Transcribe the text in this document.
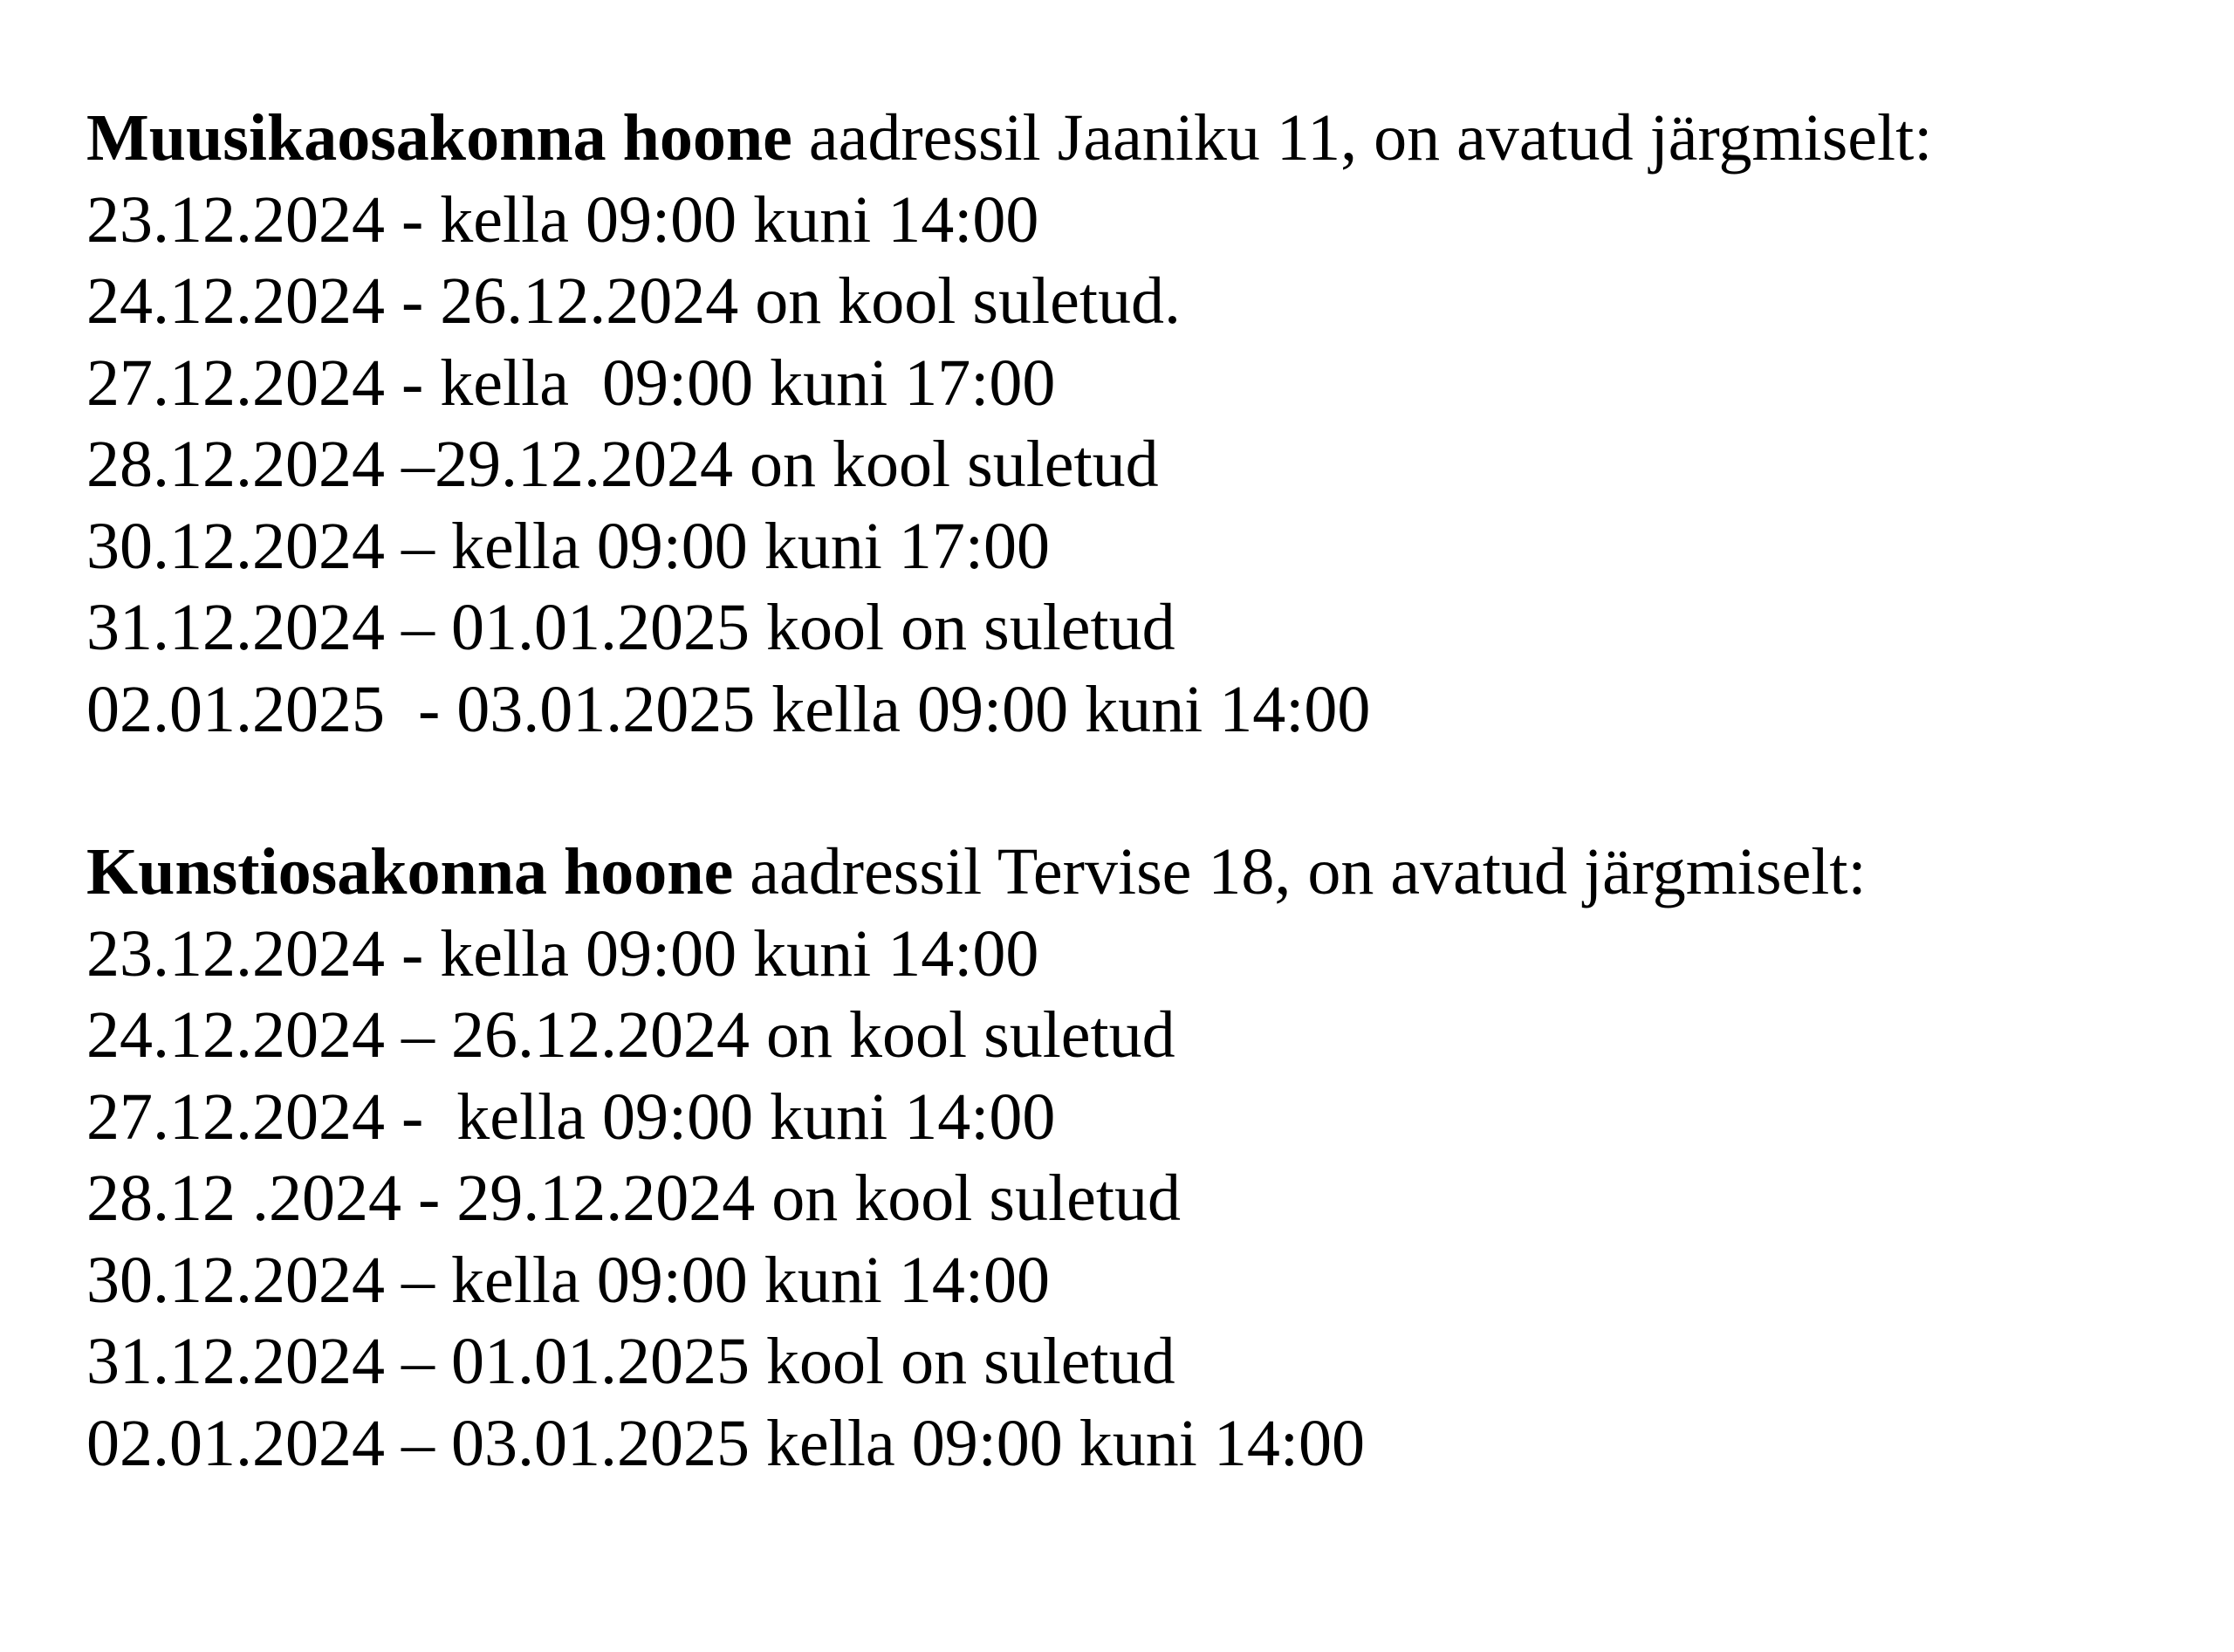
Muusikaosakonna hoone aadressil Jaaniku 11, on avatud järgmiselt:

23.12.2024 - kella 09:00 kuni 14:00

24.12.2024 - 26.12.2024 on kool suletud.

27.12.2024 - kella  09:00 kuni 17:00

28.12.2024 –29.12.2024 on kool suletud

30.12.2024 – kella 09:00 kuni 17:00

31.12.2024 – 01.01.2025 kool on suletud

02.01.2025  - 03.01.2025 kella 09:00 kuni 14:00

Kunstiosakonna hoone aadressil Tervise 18, on avatud järgmiselt:

23.12.2024 - kella 09:00 kuni 14:00

24.12.2024 – 26.12.2024 on kool suletud

27.12.2024 -  kella 09:00 kuni 14:00

28.12 .2024 - 29.12.2024 on kool suletud

30.12.2024 – kella 09:00 kuni 14:00

31.12.2024 – 01.01.2025 kool on suletud

02.01.2024 – 03.01.2025 kella 09:00 kuni 14:00
